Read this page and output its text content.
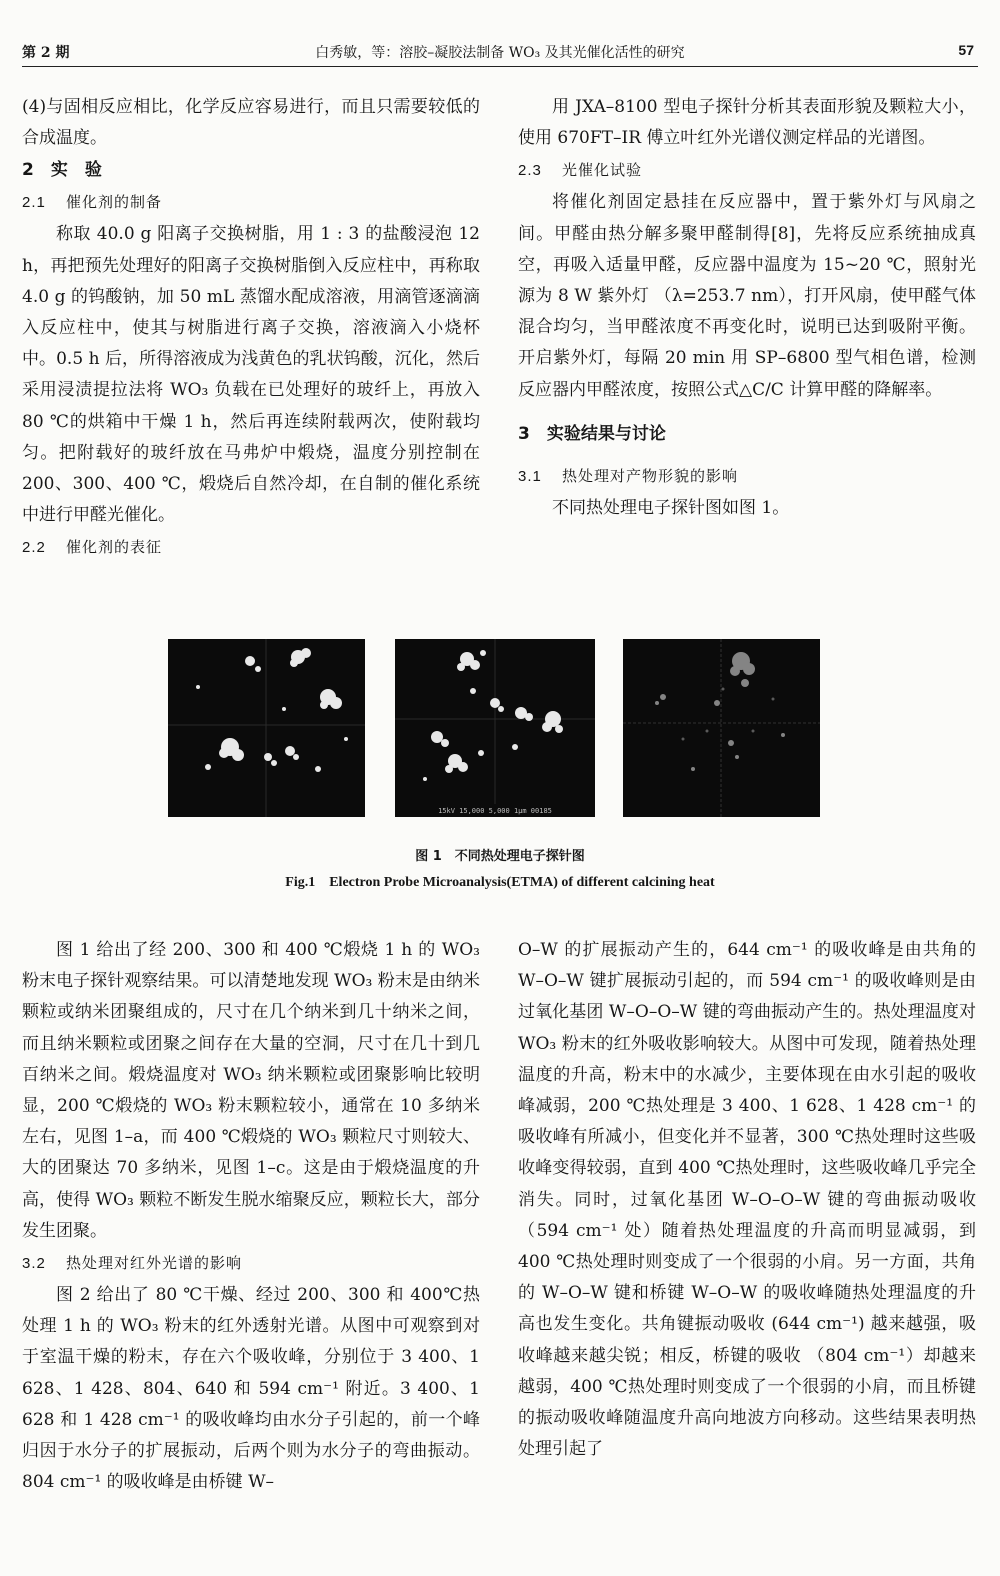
第 2 期	白秀敏，等：溶胶–凝胶法制备 WO₃ 及其光催化活性的研究	57

(4)与固相反应相比，化学反应容易进行，而且只需要较低的合成温度。

2　实　验

2.1 催化剂的制备

称取 40.0 g 阳离子交换树脂，用 1 : 3 的盐酸浸泡 12 h，再把预先处理好的阳离子交换树脂倒入反应柱中，再称取 4.0 g 的钨酸钠，加 50 mL 蒸馏水配成溶液，用滴管逐滴滴入反应柱中，使其与树脂进行离子交换，溶液滴入小烧杯中。0.5 h 后，所得溶液成为浅黄色的乳状钨酸，沉化，然后采用浸渍提拉法将 WO₃ 负载在已处理好的玻纤上，再放入 80 ℃的烘箱中干燥 1 h，然后再连续附载两次，使附载均匀。把附载好的玻纤放在马弗炉中煅烧，温度分别控制在 200、300、400 ℃，煅烧后自然冷却，在自制的催化系统中进行甲醛光催化。

2.2 催化剂的表征

用 JXA–8100 型电子探针分析其表面形貌及颗粒大小，使用 670FT–IR 傅立叶红外光谱仪测定样品的光谱图。

2.3 光催化试验

将催化剂固定悬挂在反应器中，置于紫外灯与风扇之间。甲醛由热分解多聚甲醛制得[8]，先将反应系统抽成真空，再吸入适量甲醛，反应器中温度为 15~20 ℃，照射光源为 8 W 紫外灯 （λ=253.7 nm），打开风扇，使甲醛气体混合均匀，当甲醛浓度不再变化时，说明已达到吸附平衡。开启紫外灯，每隔 20 min 用 SP–6800 型气相色谱，检测反应器内甲醛浓度，按照公式△C/C 计算甲醛的降解率。

3　实验结果与讨论

3.1 热处理对产物形貌的影响

不同热处理电子探针图如图 1。

15kV 15,000 5,000 1μm 00185
图 1　不同热处理电子探针图
Fig.1　Electron Probe Microanalysis(ETMA) of different calcining heat

图 1 给出了经 200、300 和 400 ℃煅烧 1 h 的 WO₃ 粉末电子探针观察结果。可以清楚地发现 WO₃ 粉末是由纳米颗粒或纳米团聚组成的，尺寸在几个纳米到几十纳米之间，而且纳米颗粒或团聚之间存在大量的空洞，尺寸在几十到几百纳米之间。煅烧温度对 WO₃ 纳米颗粒或团聚影响比较明显，200 ℃煅烧的 WO₃ 粉末颗粒较小，通常在 10 多纳米左右，见图 1–a，而 400 ℃煅烧的 WO₃ 颗粒尺寸则较大、大的团聚达 70 多纳米，见图 1–c。这是由于煅烧温度的升高，使得 WO₃ 颗粒不断发生脱水缩聚反应，颗粒长大，部分发生团聚。

3.2 热处理对红外光谱的影响

图 2 给出了 80 ℃干燥、经过 200、300 和 400℃热处理 1 h 的 WO₃ 粉末的红外透射光谱。从图中可观察到对于室温干燥的粉末，存在六个吸收峰，分别位于 3 400、1 628、1 428、804、640 和 594 cm⁻¹ 附近。3 400、1 628 和 1 428 cm⁻¹ 的吸收峰均由水分子引起的，前一个峰归因于水分子的扩展振动，后两个则为水分子的弯曲振动。804 cm⁻¹ 的吸收峰是由桥键 W–

O–W 的扩展振动产生的，644 cm⁻¹ 的吸收峰是由共角的 W–O–W 键扩展振动引起的，而 594 cm⁻¹ 的吸收峰则是由过氧化基团 W–O–O–W 键的弯曲振动产生的。热处理温度对 WO₃ 粉末的红外吸收影响较大。从图中可发现，随着热处理温度的升高，粉末中的水减少，主要体现在由水引起的吸收峰减弱，200 ℃热处理是 3 400、1 628、1 428 cm⁻¹ 的吸收峰有所减小，但变化并不显著，300 ℃热处理时这些吸收峰变得较弱，直到 400 ℃热处理时，这些吸收峰几乎完全消失。同时，过氧化基团 W–O–O–W 键的弯曲振动吸收 （594 cm⁻¹ 处）随着热处理温度的升高而明显减弱，到 400 ℃热处理时则变成了一个很弱的小肩。另一方面，共角的 W–O–W 键和桥键 W–O–W 的吸收峰随热处理温度的升高也发生变化。共角键振动吸收 (644 cm⁻¹) 越来越强，吸收峰越来越尖锐；相反，桥键的吸收 （804 cm⁻¹）却越来越弱，400 ℃热处理时则变成了一个很弱的小肩，而且桥键的振动吸收峰随温度升高向地波方向移动。这些结果表明热处理引起了
